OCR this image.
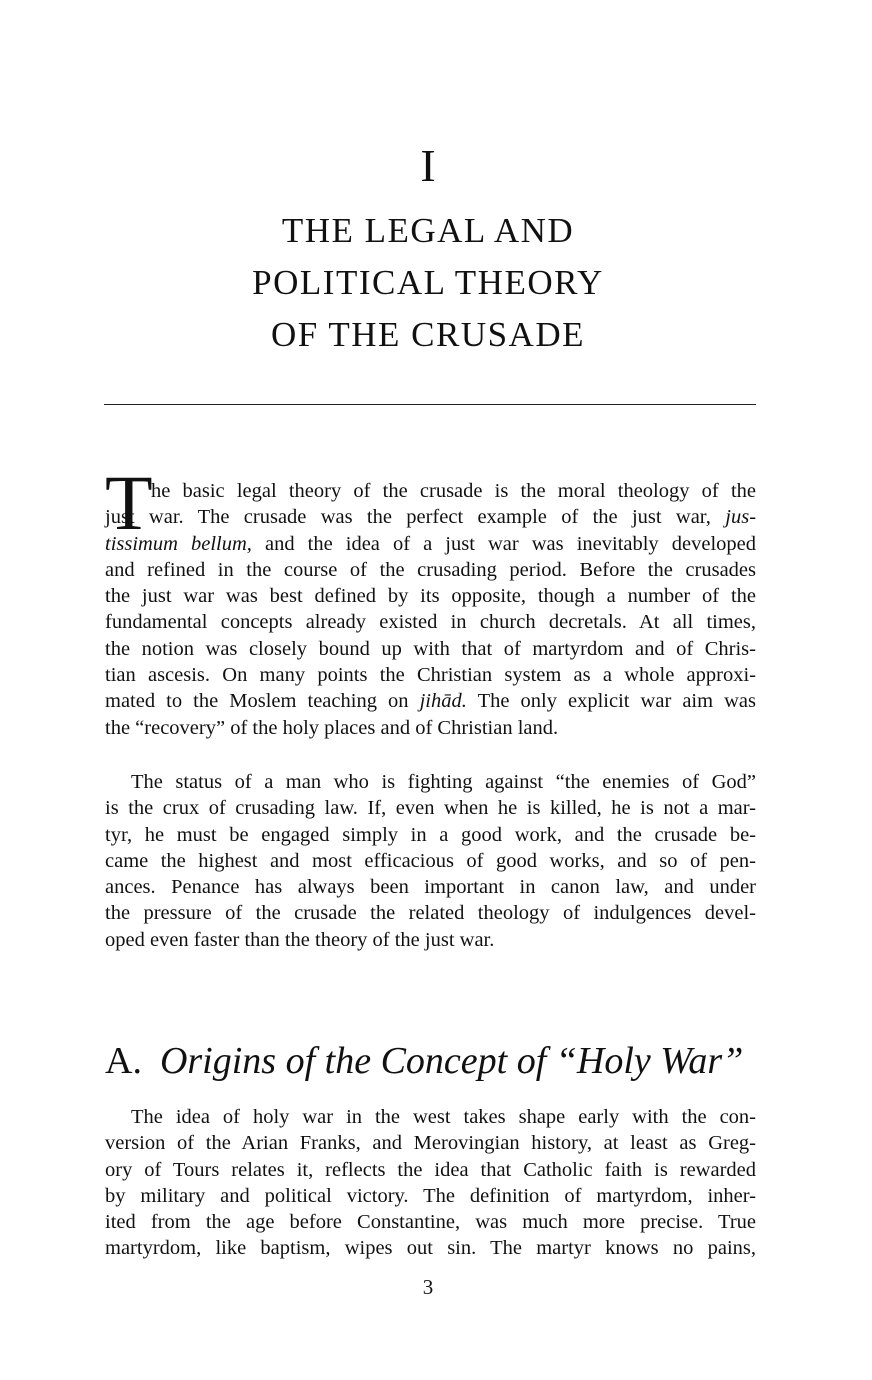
I
THE LEGAL AND
POLITICAL THEORY
OF THE CRUSADE
T

he basic legal theory of the crusade is the moral theology of the
just war. The crusade was the perfect example of the just war, jus-
tissimum bellum, and the idea of a just war was inevitably developed
and refined in the course of the crusading period. Before the crusades
the just war was best defined by its opposite, though a number of the
fundamental concepts already existed in church decretals. At all times,
the notion was closely bound up with that of martyrdom and of Chris-
tian ascesis. On many points the Christian system as a whole approxi-
mated to the Moslem teaching on jihād. The only explicit war aim was
the “recovery” of the holy places and of Christian land.

The status of a man who is fighting against “the enemies of God”
is the crux of crusading law. If, even when he is killed, he is not a mar-
tyr, he must be engaged simply in a good work, and the crusade be-
came the highest and most efficacious of good works, and so of pen-
ances. Penance has always been important in canon law, and under
the pressure of the crusade the related theology of indulgences devel-
oped even faster than the theory of the just war.

A. Origins of the Concept of “Holy War”

The idea of holy war in the west takes shape early with the con-
version of the Arian Franks, and Merovingian history, at least as Greg-
ory of Tours relates it, reflects the idea that Catholic faith is rewarded
by military and political victory. The definition of martyrdom, inher-
ited from the age before Constantine, was much more precise. True
martyrdom, like baptism, wipes out sin. The martyr knows no pains,

3
